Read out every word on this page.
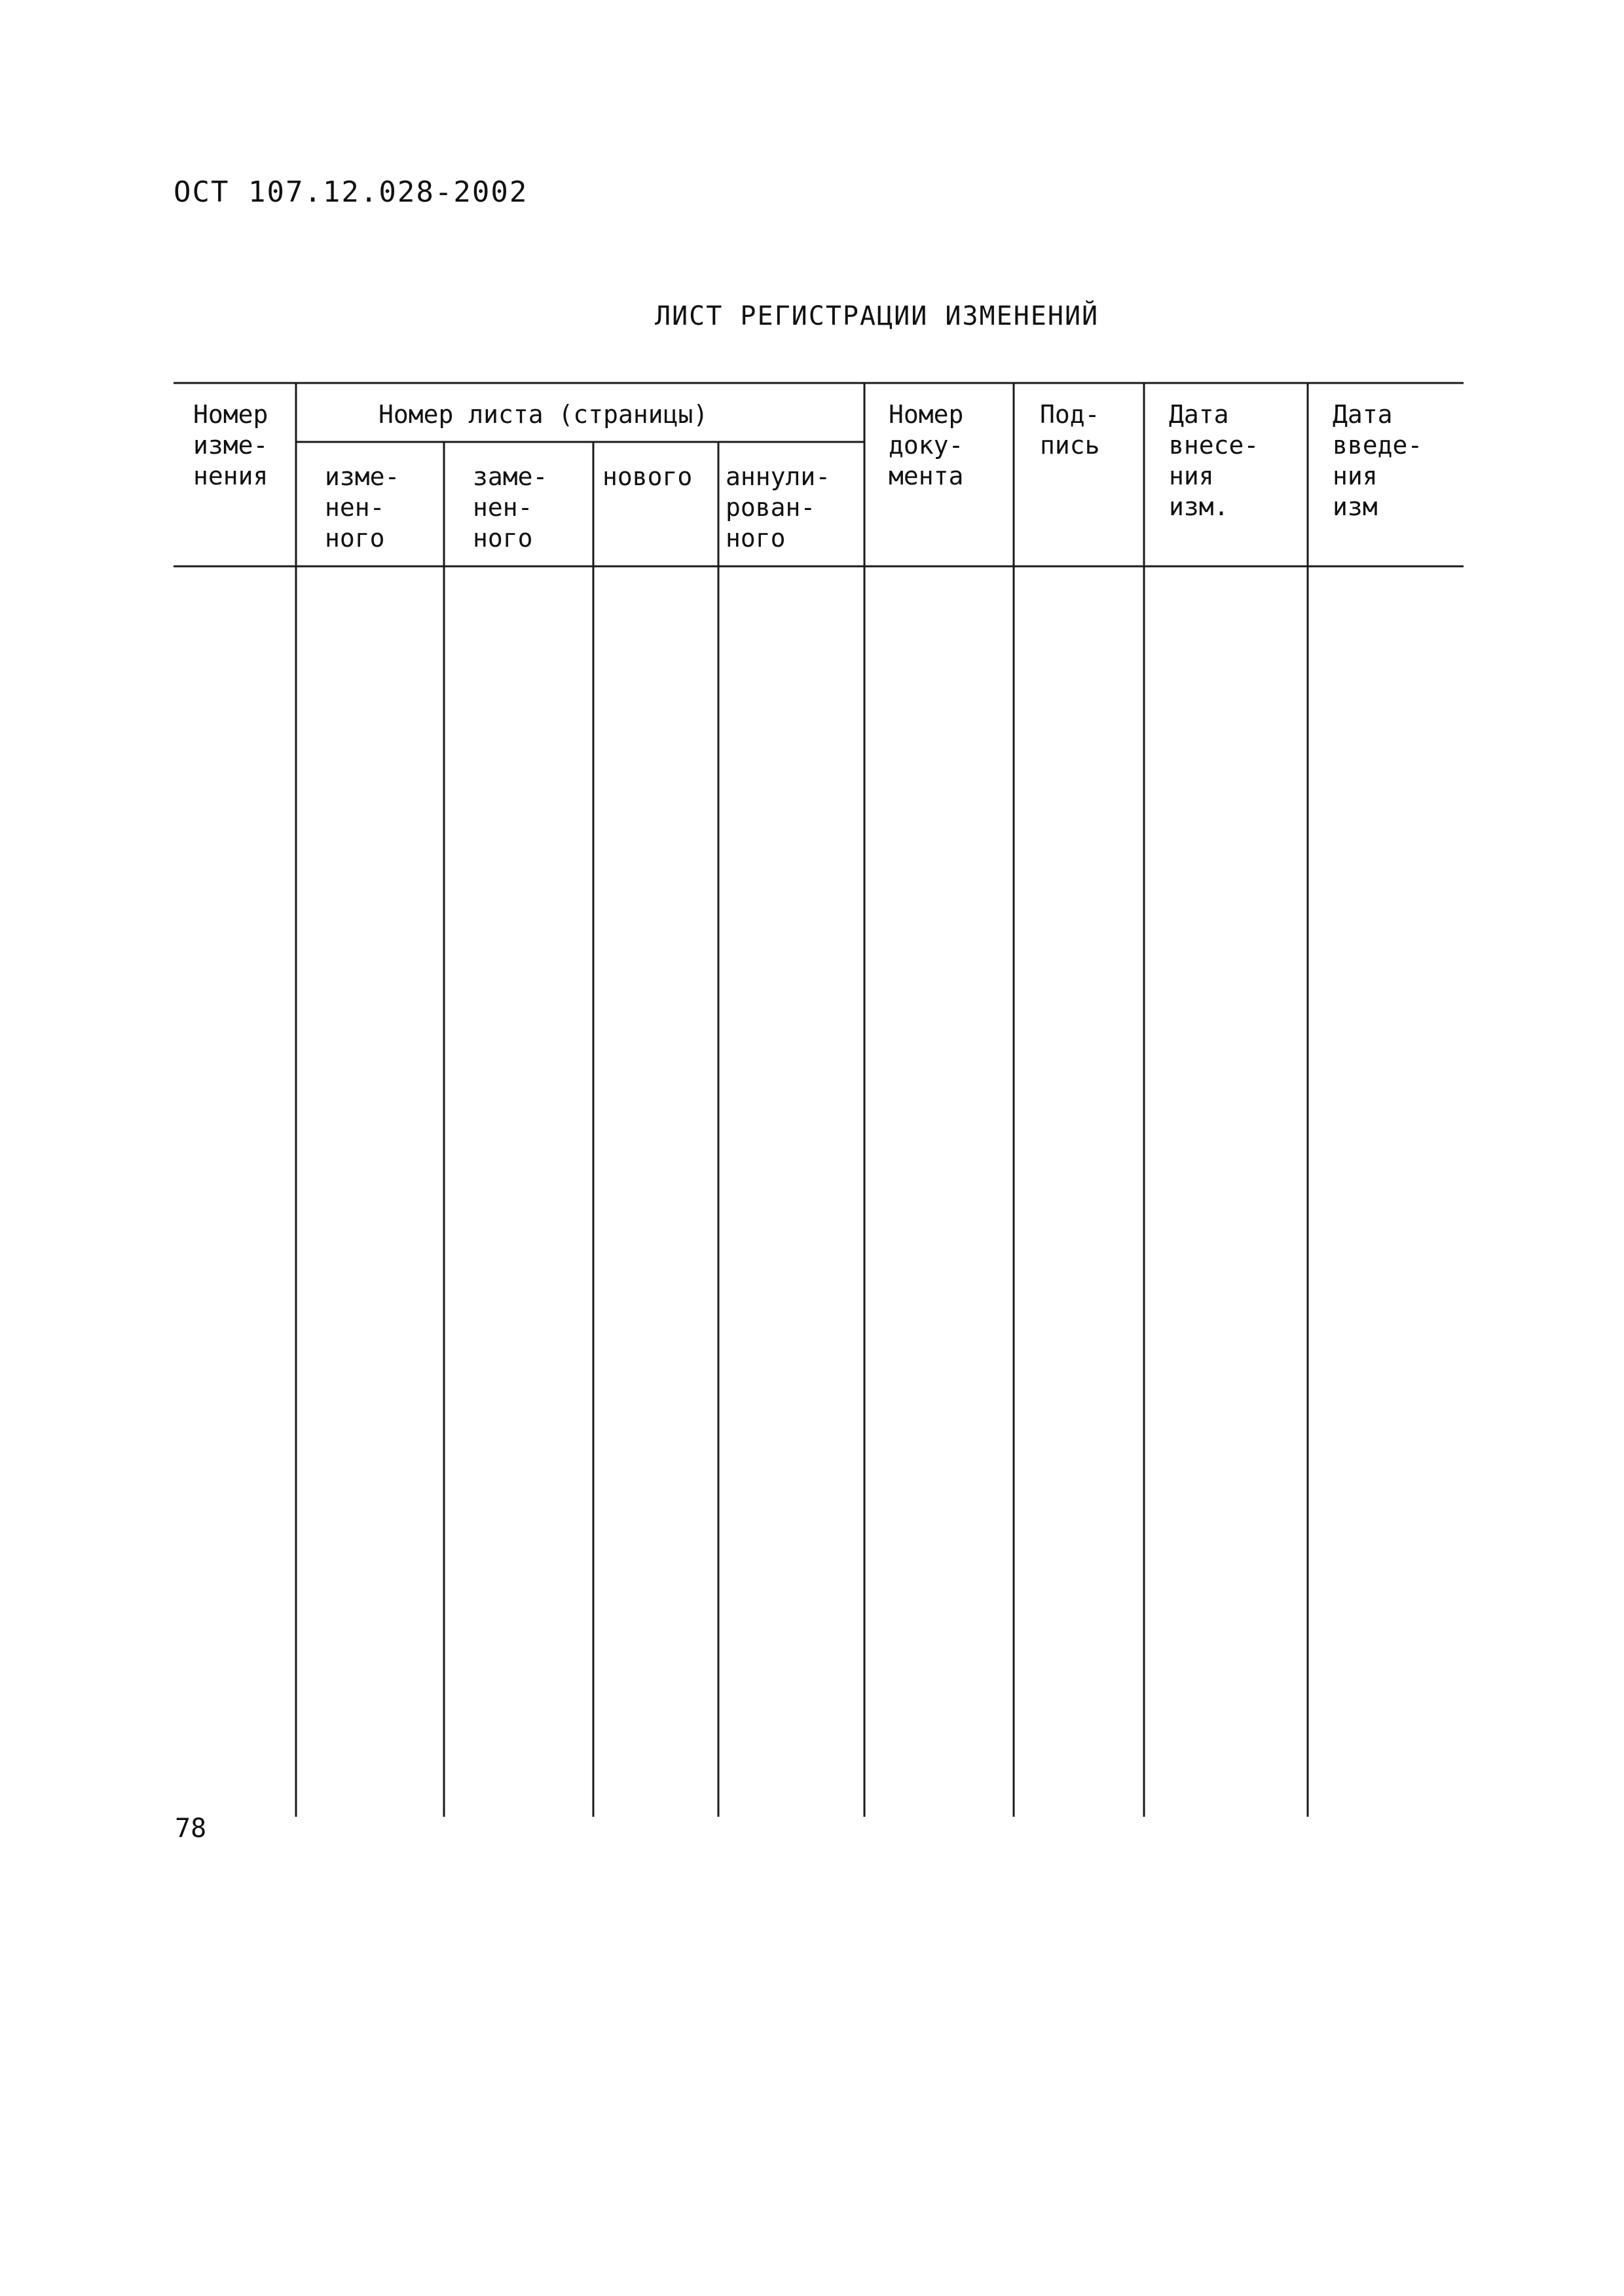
ОСТ 107.12.028-2002
ЛИСТ РЕГИСТРАЦИИ ИЗМЕНЕНИЙ
Номер
изме-
нения
Номер листа (страницы)
изме-
нен-
ного
заме-
нен-
ного
нового аннули-
рован-
ного
Номер
доку-
мента
Под-
пись
Дата
внесе-
ния
изм.
Дата
введе-
ния
изм
78
